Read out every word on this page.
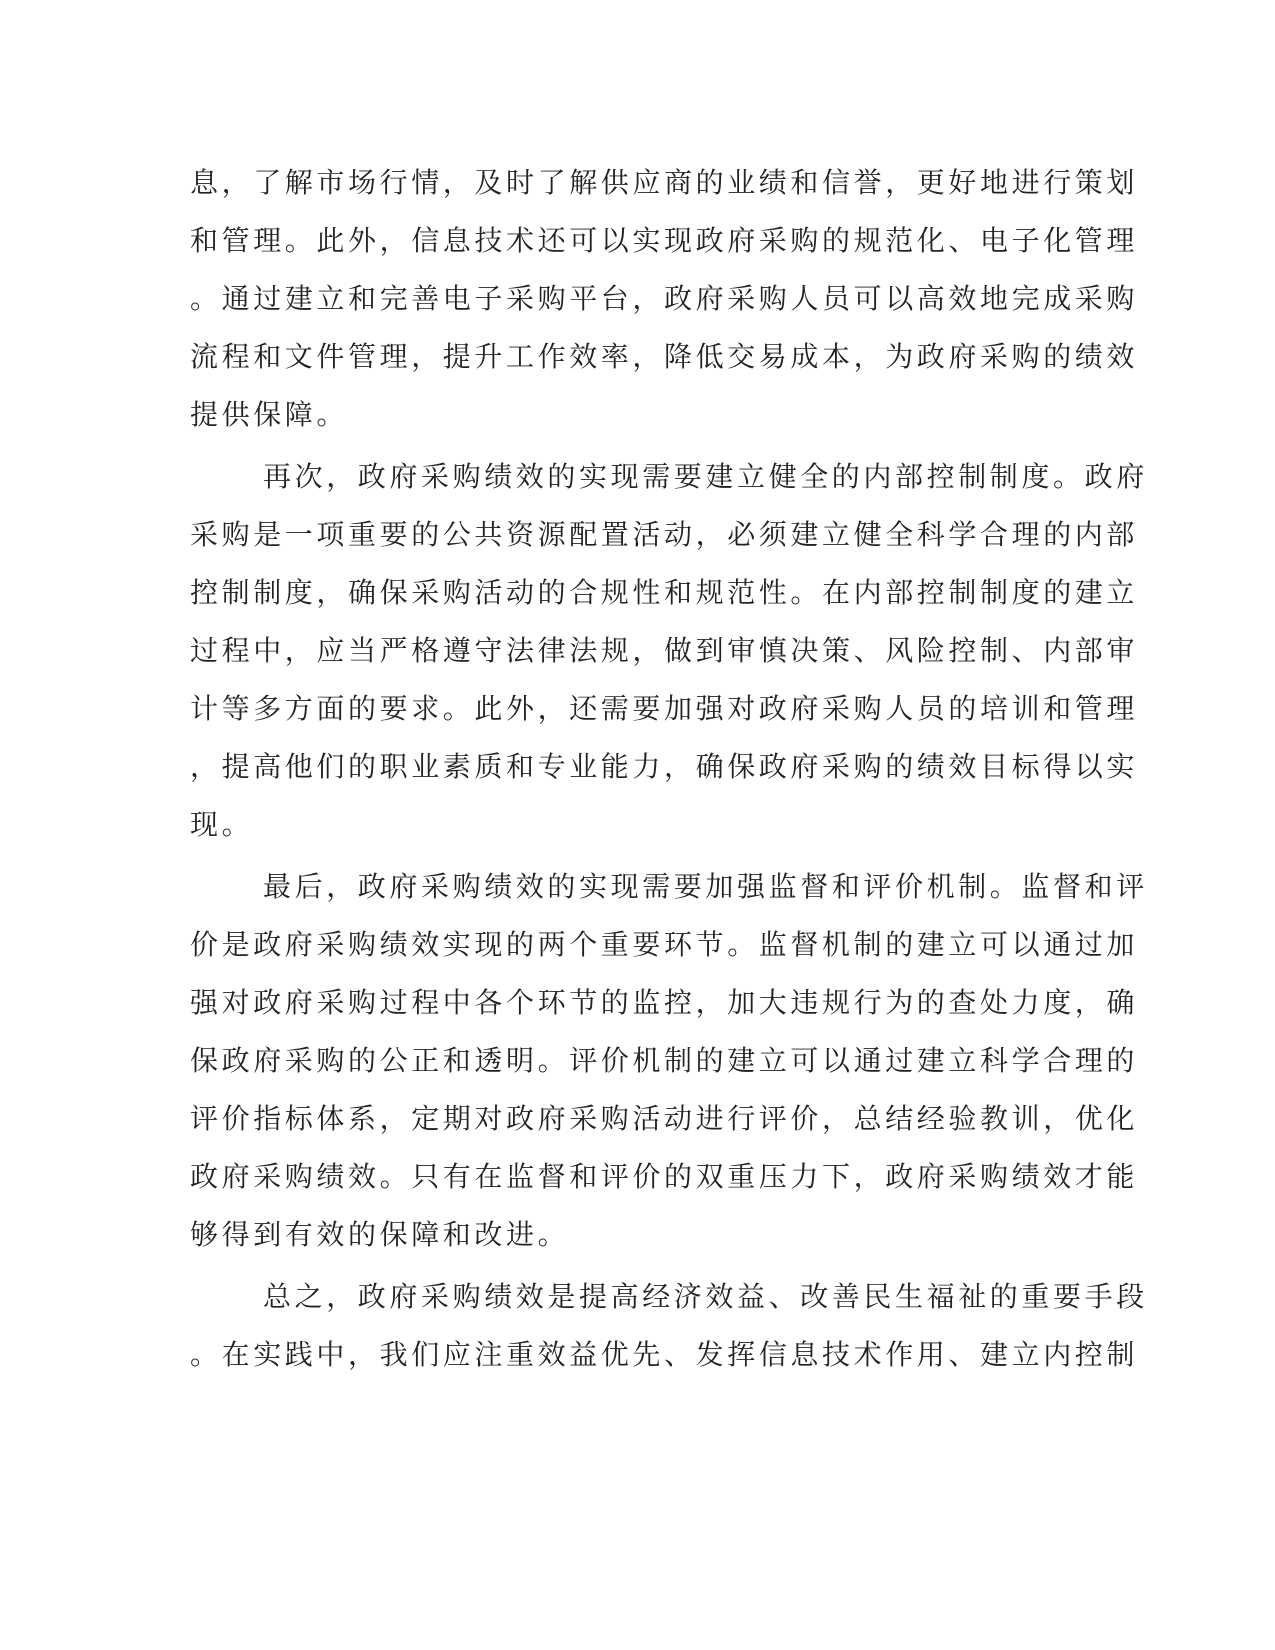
息，了解市场行情，及时了解供应商的业绩和信誉，更好地进行策划
和管理。此外，信息技术还可以实现政府采购的规范化、电子化管理
。通过建立和完善电子采购平台，政府采购人员可以高效地完成采购
流程和文件管理，提升工作效率，降低交易成本，为政府采购的绩效
提供保障。
再次，政府采购绩效的实现需要建立健全的内部控制制度。政府
采购是一项重要的公共资源配置活动，必须建立健全科学合理的内部
控制制度，确保采购活动的合规性和规范性。在内部控制制度的建立
过程中，应当严格遵守法律法规，做到审慎决策、风险控制、内部审
计等多方面的要求。此外，还需要加强对政府采购人员的培训和管理
，提高他们的职业素质和专业能力，确保政府采购的绩效目标得以实
现。
最后，政府采购绩效的实现需要加强监督和评价机制。监督和评
价是政府采购绩效实现的两个重要环节。监督机制的建立可以通过加
强对政府采购过程中各个环节的监控，加大违规行为的查处力度，确
保政府采购的公正和透明。评价机制的建立可以通过建立科学合理的
评价指标体系，定期对政府采购活动进行评价，总结经验教训，优化
政府采购绩效。只有在监督和评价的双重压力下，政府采购绩效才能
够得到有效的保障和改进。
总之，政府采购绩效是提高经济效益、改善民生福祉的重要手段
。在实践中，我们应注重效益优先、发挥信息技术作用、建立内控制
